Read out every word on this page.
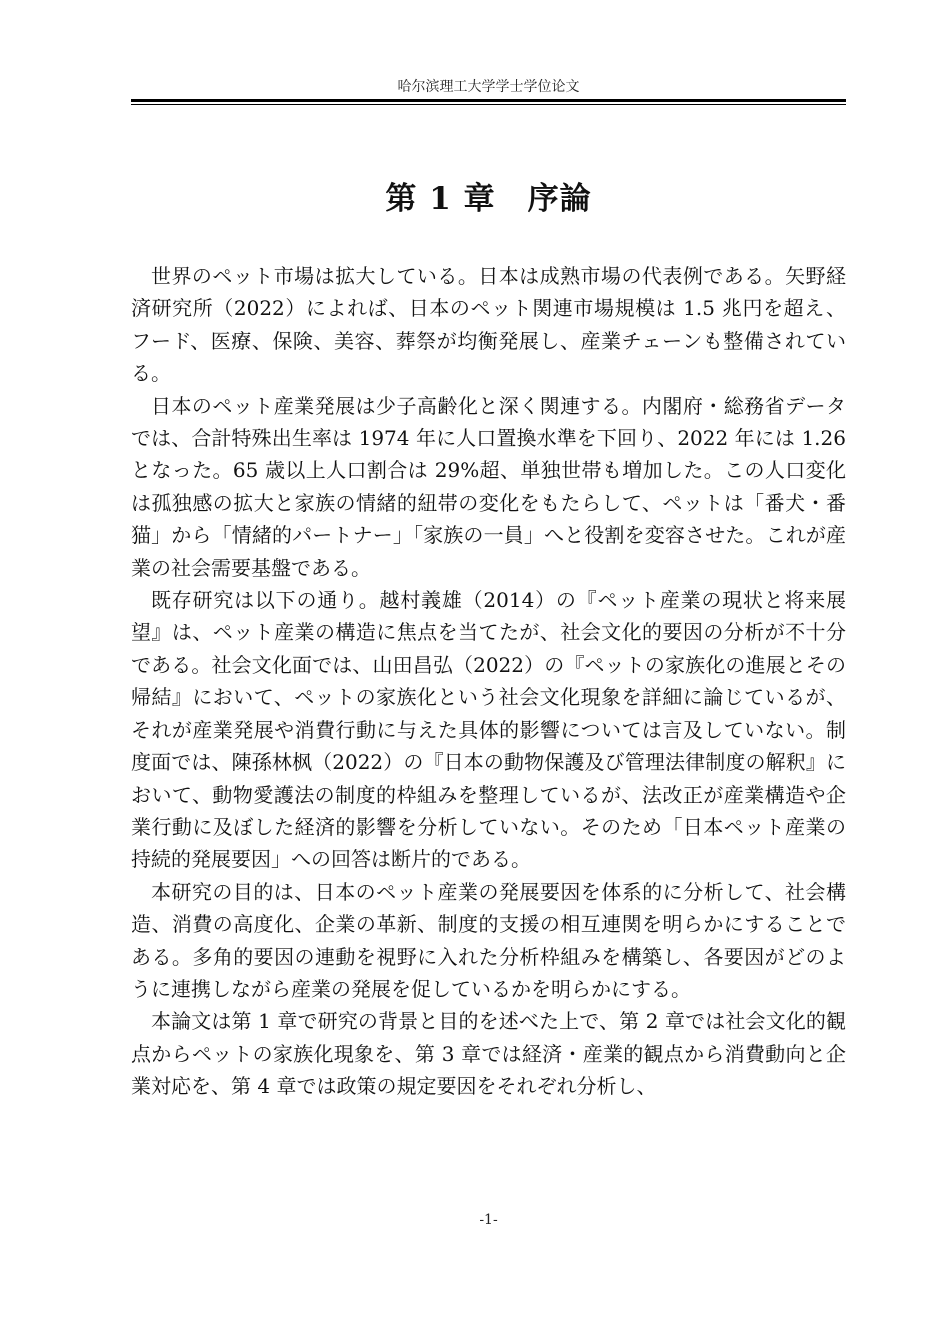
哈尔滨理工大学学士学位论文
第 1 章　序論

世界のペット市場は拡大している。日本は成熟市場の代表例である。矢野経済研究所（2022）によれば、日本のペット関連市場規模は 1.5 兆円を超え、フード、医療、保険、美容、葬祭が均衡発展し、産業チェーンも整備されている。

日本のペット産業発展は少子高齢化と深く関連する。内閣府・総務省データでは、合計特殊出生率は 1974 年に人口置換水準を下回り、2022 年には 1.26 となった。65 歳以上人口割合は 29%超、単独世帯も増加した。この人口変化は孤独感の拡大と家族の情緒的紐帯の変化をもたらして、ペットは「番犬・番猫」から「情緒的パートナー」「家族の一員」へと役割を変容させた。これが産業の社会需要基盤である。

既存研究は以下の通り。越村義雄（2014）の『ペット産業の現状と将来展望』は、ペット産業の構造に焦点を当てたが、社会文化的要因の分析が不十分である。社会文化面では、山田昌弘（2022）の『ペットの家族化の進展とその帰結』において、ペットの家族化という社会文化現象を詳細に論じているが、それが産業発展や消費行動に与えた具体的影響については言及していない。制度面では、陳孫林枫（2022）の『日本の動物保護及び管理法律制度の解釈』において、動物愛護法の制度的枠組みを整理しているが、法改正が産業構造や企業行動に及ぼした経済的影響を分析していない。そのため「日本ペット産業の持続的発展要因」への回答は断片的である。

本研究の目的は、日本のペット産業の発展要因を体系的に分析して、社会構造、消費の高度化、企業の革新、制度的支援の相互連関を明らかにすることである。多角的要因の連動を視野に入れた分析枠組みを構築し、各要因がどのように連携しながら産業の発展を促しているかを明らかにする。

本論文は第 1 章で研究の背景と目的を述べた上で、第 2 章では社会文化的観点からペットの家族化現象を、第 3 章では経済・産業的観点から消費動向と企業対応を、第 4 章では政策の規定要因をそれぞれ分析し、

-1-
